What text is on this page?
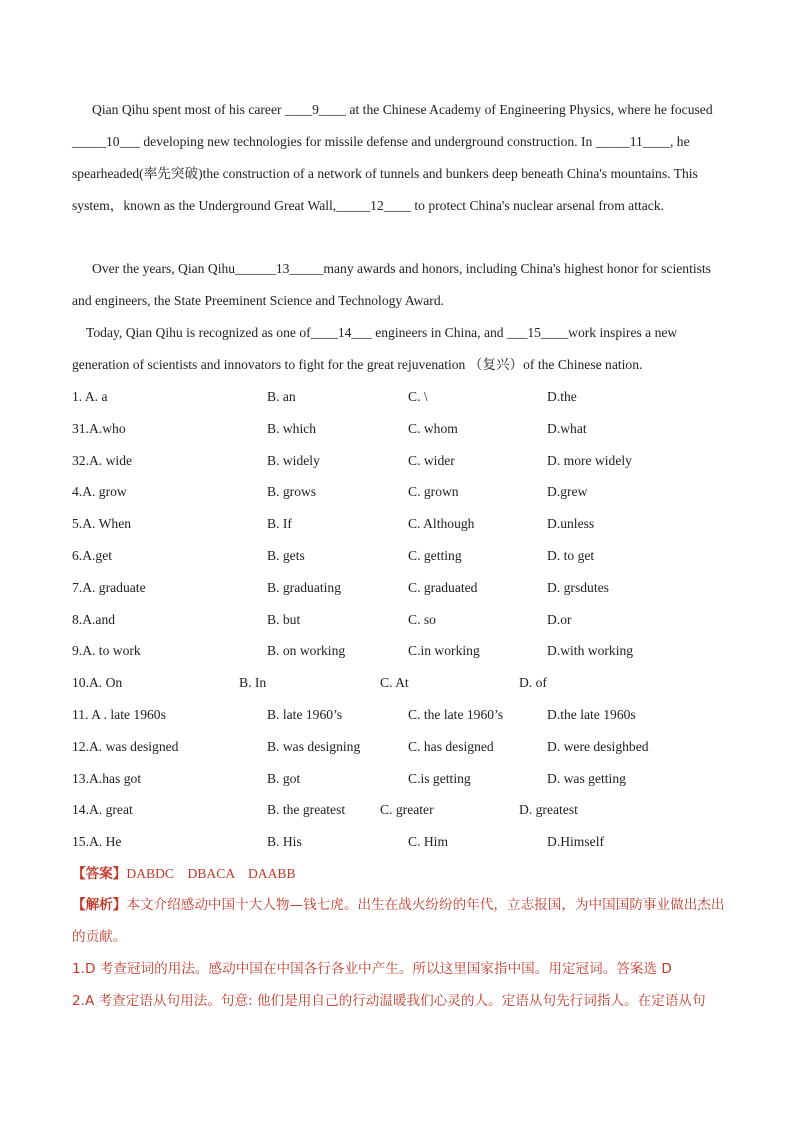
Qian Qihu spent most of his career ____9____ at the Chinese Academy of Engineering Physics, where he focused _____10___ developing new technologies for missile defense and underground construction. In _____11____, he spearheaded(率先突破)the construction of a network of tunnels and bunkers deep beneath China's mountains. This system，known as the Underground Great Wall,_____12____ to protect China's nuclear arsenal from attack.

Over the years, Qian Qihu______13_____many awards and honors, including China's highest honor for scientists and engineers, the State Preeminent Science and Technology Award.

Today, Qian Qihu is recognized as one of____14___ engineers in China, and ___15____work inspires a new generation of scientists and innovators to fight for the great rejuvenation （复兴）of the Chinese nation.

1. A. a	B. an	C. \	D.the
31.A.who	B. which	C. whom	D.what
32.A. wide	B. widely	C. wider	D. more widely
4.A. grow	B. grows	C. grown	D.grew
5.A. When	B. If	C. Although	D.unless
6.A.get	B. gets	C. getting	D. to get
7.A. graduate	B. graduating	C. graduated	D. grsdutes
8.A.and	B. but	C. so	D.or
9.A. to work	B. on working	C.in working	D.with working
10.A. On	B. In	C. At	D. of
11. A . late 1960s	B. late 1960’s	C. the late 1960’s	D.the late 1960s
12.A. was designed	B. was designing	C. has designed	D. were desighbed
13.A.has got	B. got	C.is getting	D. was getting
14.A. great	B. the greatest	C. greater	D. greatest
15.A. He	B. His	C. Him	D.Himself

【答案】DABDC    DBACA    DAABB

【解析】本文介绍感动中国十大人物—钱七虎。出生在战火纷纷的年代，立志报国，为中国国防事业做出杰出的贡献。

1.D 考查冠词的用法。感动中国在中国各行各业中产生。所以这里国家指中国。用定冠词。答案选 D

2.A 考查定语从句用法。句意: 他们是用自己的行动温暖我们心灵的人。定语从句先行词指人。在定语从句
